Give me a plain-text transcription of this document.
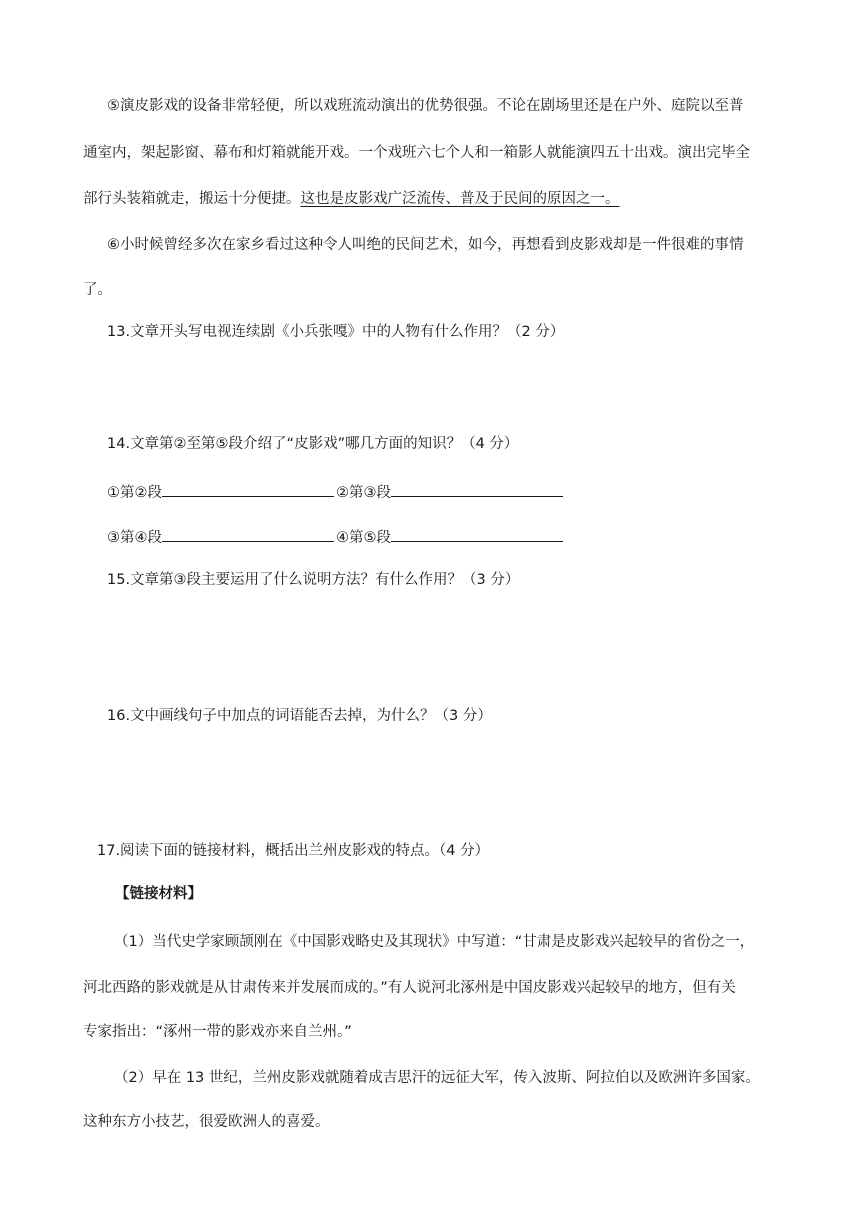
⑤演皮影戏的设备非常轻便，所以戏班流动演出的优势很强。不论在剧场里还是在户外、庭院以至普
通室内，架起影窗、幕布和灯箱就能开戏。一个戏班六七个人和一箱影人就能演四五十出戏。演出完毕全
部行头装箱就走，搬运十分便捷。这也是皮影戏广泛流传、普及于民间的原因之一。
⑥小时候曾经多次在家乡看过这种令人叫绝的民间艺术，如今，再想看到皮影戏却是一件很难的事情
了。
13.文章开头写电视连续剧《小兵张嘎》中的人物有什么作用？（2 分）
14.文章第②至第⑤段介绍了“皮影戏”哪几方面的知识？（4 分）
①第②段	②第③段
③第④段	④第⑤段
15.文章第③段主要运用了什么说明方法？有什么作用？（3 分）
16.文中画线句子中加点的词语能否去掉，为什么？（3 分）
17.阅读下面的链接材料，概括出兰州皮影戏的特点。（4 分）
【链接材料】
（1）当代史学家顾颉刚在《中国影戏略史及其现状》中写道：“甘肃是皮影戏兴起较早的省份之一，
河北西路的影戏就是从甘肃传来并发展而成的。”有人说河北涿州是中国皮影戏兴起较早的地方，但有关
专家指出：“涿州一带的影戏亦来自兰州。”
（2）早在 13 世纪，兰州皮影戏就随着成吉思汗的远征大军，传入波斯、阿拉伯以及欧洲许多国家。
这种东方小技艺，很爱欧洲人的喜爱。
